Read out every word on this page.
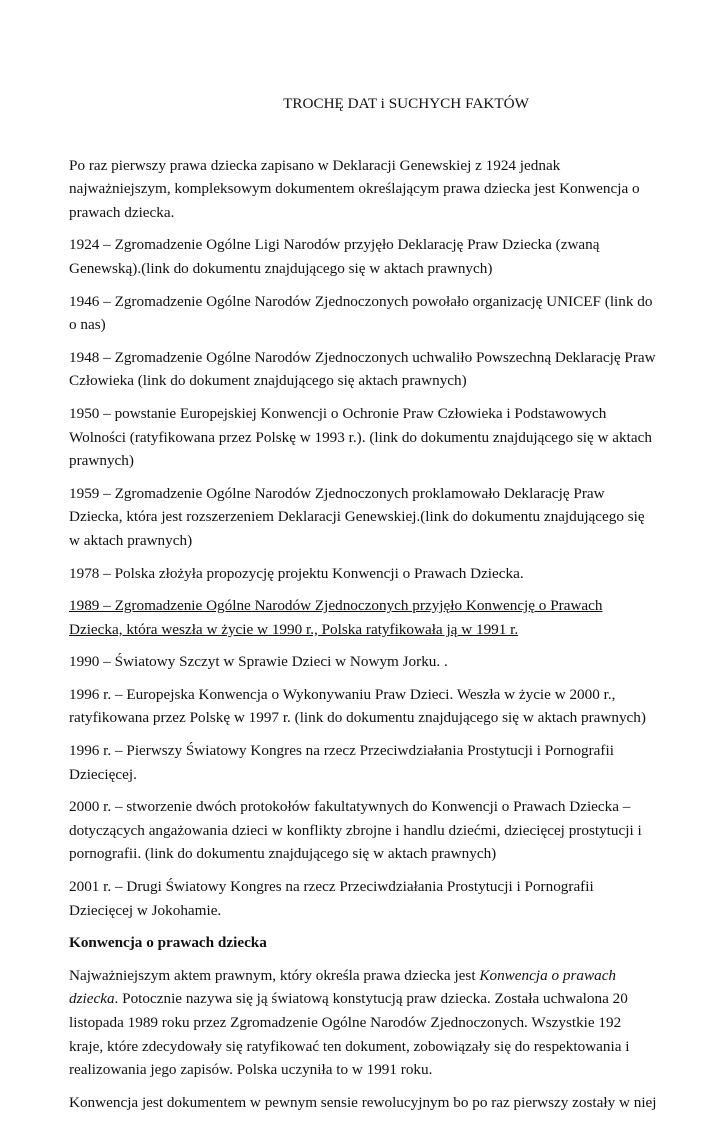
TROCHĘ DAT i SUCHYCH FAKTÓW

Po raz pierwszy prawa dziecka zapisano w Deklaracji Genewskiej z 1924 jednak najważniejszym, kompleksowym dokumentem określającym prawa dziecka jest Konwencja o prawach dziecka.

1924 – Zgromadzenie Ogólne Ligi Narodów przyjęło Deklarację Praw Dziecka (zwaną Genewską).(link do dokumentu znajdującego się w aktach prawnych)

1946 – Zgromadzenie Ogólne Narodów Zjednoczonych powołało organizację UNICEF (link do o nas)

1948 – Zgromadzenie Ogólne Narodów Zjednoczonych uchwaliło Powszechną Deklarację Praw Człowieka (link do dokument znajdującego się aktach prawnych)

1950 – powstanie Europejskiej Konwencji o Ochronie Praw Człowieka i Podstawowych Wolności (ratyfikowana przez Polskę w 1993 r.). (link do dokumentu znajdującego się w aktach prawnych)

1959 – Zgromadzenie Ogólne Narodów Zjednoczonych proklamowało Deklarację Praw Dziecka, która jest rozszerzeniem Deklaracji Genewskiej.(link do dokumentu znajdującego się w aktach prawnych)

1978 – Polska złożyła propozycję projektu Konwencji o Prawach Dziecka.

1989 – Zgromadzenie Ogólne Narodów Zjednoczonych przyjęło Konwencję o Prawach Dziecka, która weszła w życie w 1990 r., Polska ratyfikowała ją w 1991 r.

1990 – Światowy Szczyt w Sprawie Dzieci w Nowym Jorku. .

1996 r. – Europejska Konwencja o Wykonywaniu Praw Dzieci. Weszła w życie w 2000 r., ratyfikowana przez Polskę w 1997 r. (link do dokumentu znajdującego się w aktach prawnych)

1996 r. – Pierwszy Światowy Kongres na rzecz Przeciwdziałania Prostytucji i Pornografii Dziecięcej.

2000 r. – stworzenie dwóch protokołów fakultatywnych do Konwencji o Prawach Dziecka – dotyczących angażowania dzieci w konflikty zbrojne i handlu dziećmi, dziecięcej prostytucji i pornografii. (link do dokumentu znajdującego się w aktach prawnych)

2001 r. – Drugi Światowy Kongres na rzecz Przeciwdziałania Prostytucji i Pornografii Dziecięcej w Jokohamie.

Konwencja o prawach dziecka

Najważniejszym aktem prawnym, który określa prawa dziecka jest Konwencja o prawach dziecka. Potocznie nazywa się ją światową konstytucją praw dziecka. Została uchwalona 20 listopada 1989 roku przez Zgromadzenie Ogólne Narodów Zjednoczonych. Wszystkie 192 kraje, które zdecydowały się ratyfikować ten dokument, zobowiązały się do respektowania i realizowania jego zapisów. Polska uczyniła to w 1991 roku.

Konwencja jest dokumentem w pewnym sensie rewolucyjnym bo po raz pierwszy zostały w niej
